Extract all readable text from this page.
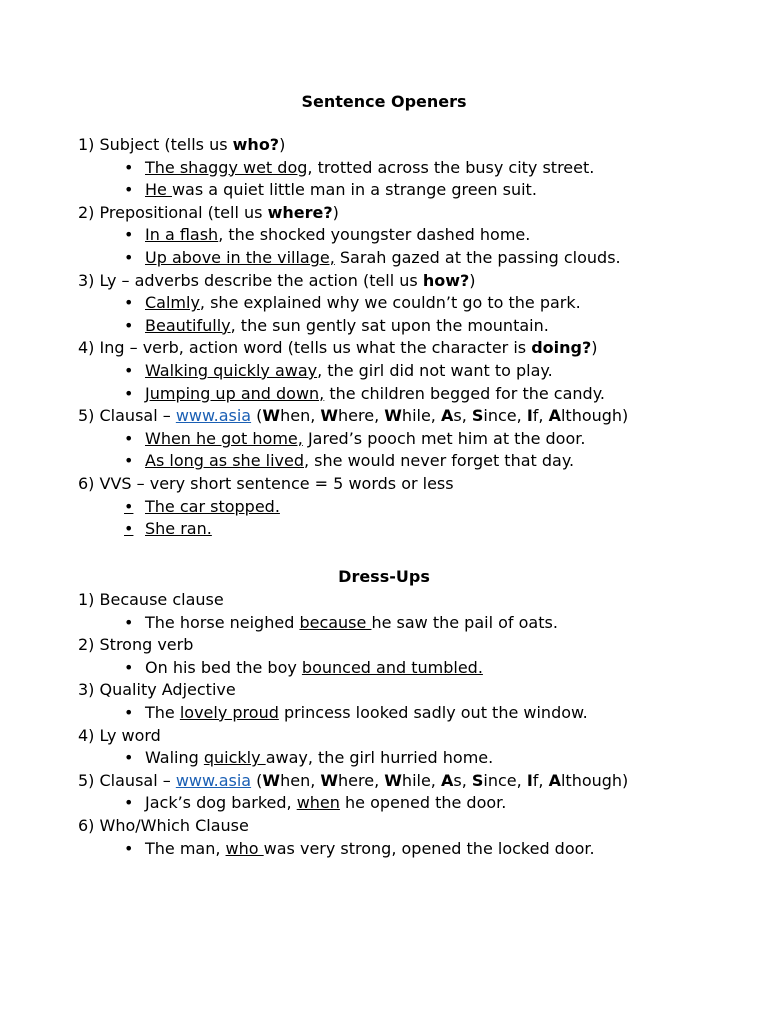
Sentence Openers
1) Subject (tells us who?)
• The shaggy wet dog, trotted across the busy city street.
• He was a quiet little man in a strange green suit.
2) Prepositional (tell us where?)
• In a flash, the shocked youngster dashed home.
• Up above in the village, Sarah gazed at the passing clouds.
3) Ly – adverbs describe the action (tell us how?)
• Calmly, she explained why we couldn’t go to the park.
• Beautifully, the sun gently sat upon the mountain.
4) Ing – verb, action word (tells us what the character is doing?)
• Walking quickly away, the girl did not want to play.
• Jumping up and down, the children begged for the candy.
5) Clausal – www.asia (When, Where, While, As, Since, If, Although)
• When he got home, Jared’s pooch met him at the door.
• As long as she lived, she would never forget that day.
6) VVS – very short sentence = 5 words or less
• The car stopped.
• She ran.
Dress-Ups
1) Because clause
• The horse neighed because he saw the pail of oats.
2) Strong verb
• On his bed the boy bounced and tumbled.
3) Quality Adjective
• The lovely proud princess looked sadly out the window.
4) Ly word
• Waling quickly away, the girl hurried home.
5) Clausal – www.asia (When, Where, While, As, Since, If, Although)
• Jack’s dog barked, when he opened the door.
6) Who/Which Clause
• The man, who was very strong, opened the locked door.
